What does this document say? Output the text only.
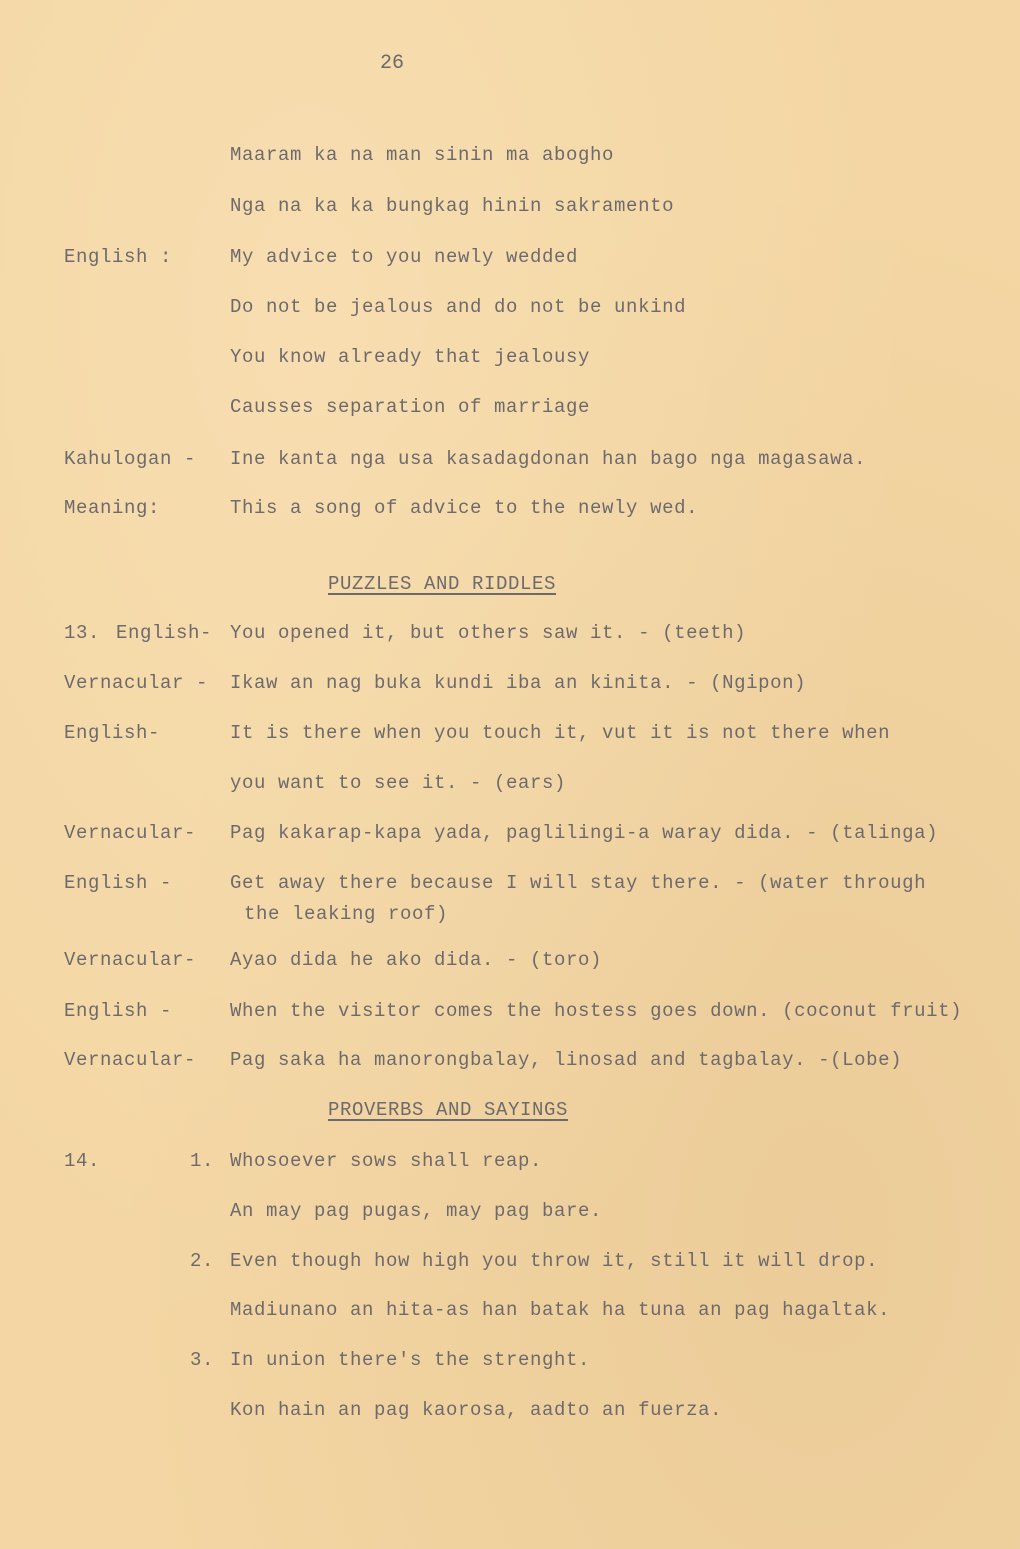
26
Maaram ka na man sinin ma abogho
Nga na ka ka bungkag hinin sakramento
English :	My advice to you newly wedded
Do not be jealous and do not be unkind
You know already that jealousy
Causses separation of marriage
Kahulogan - Ine kanta nga usa kasadagdonan han bago nga magasawa.
Meaning:	This a song of advice to the newly wed.
PUZZLES AND RIDDLES
13. English- You opened it, but others saw it. - (teeth)
Vernacular - Ikaw an nag buka kundi iba an kinita. - (Ngipon)
English-	It is there when you touch it, vut it is not there when
you want to see it. - (ears)
Vernacular- Pag kakarap-kapa yada, paglilingi-a waray dida. - (talinga)
English -	Get away there because I will stay there. - (water through
the leaking roof)
Vernacular- Ayao dida he ako dida. - (toro)
English -	When the visitor comes the hostess goes down. (coconut fruit)
Vernacular- Pag saka ha manorongbalay, linosad and tagbalay. -(Lobe)
PROVERBS AND SAYINGS
14.	1. Whosoever sows shall reap.
An may pag pugas, may pag bare.
2. Even though how high you throw it, still it will drop.
Madiunano an hita-as han batak ha tuna an pag hagaltak.
3. In union there's the strenght.
Kon hain an pag kaorosa, aadto an fuerza.
